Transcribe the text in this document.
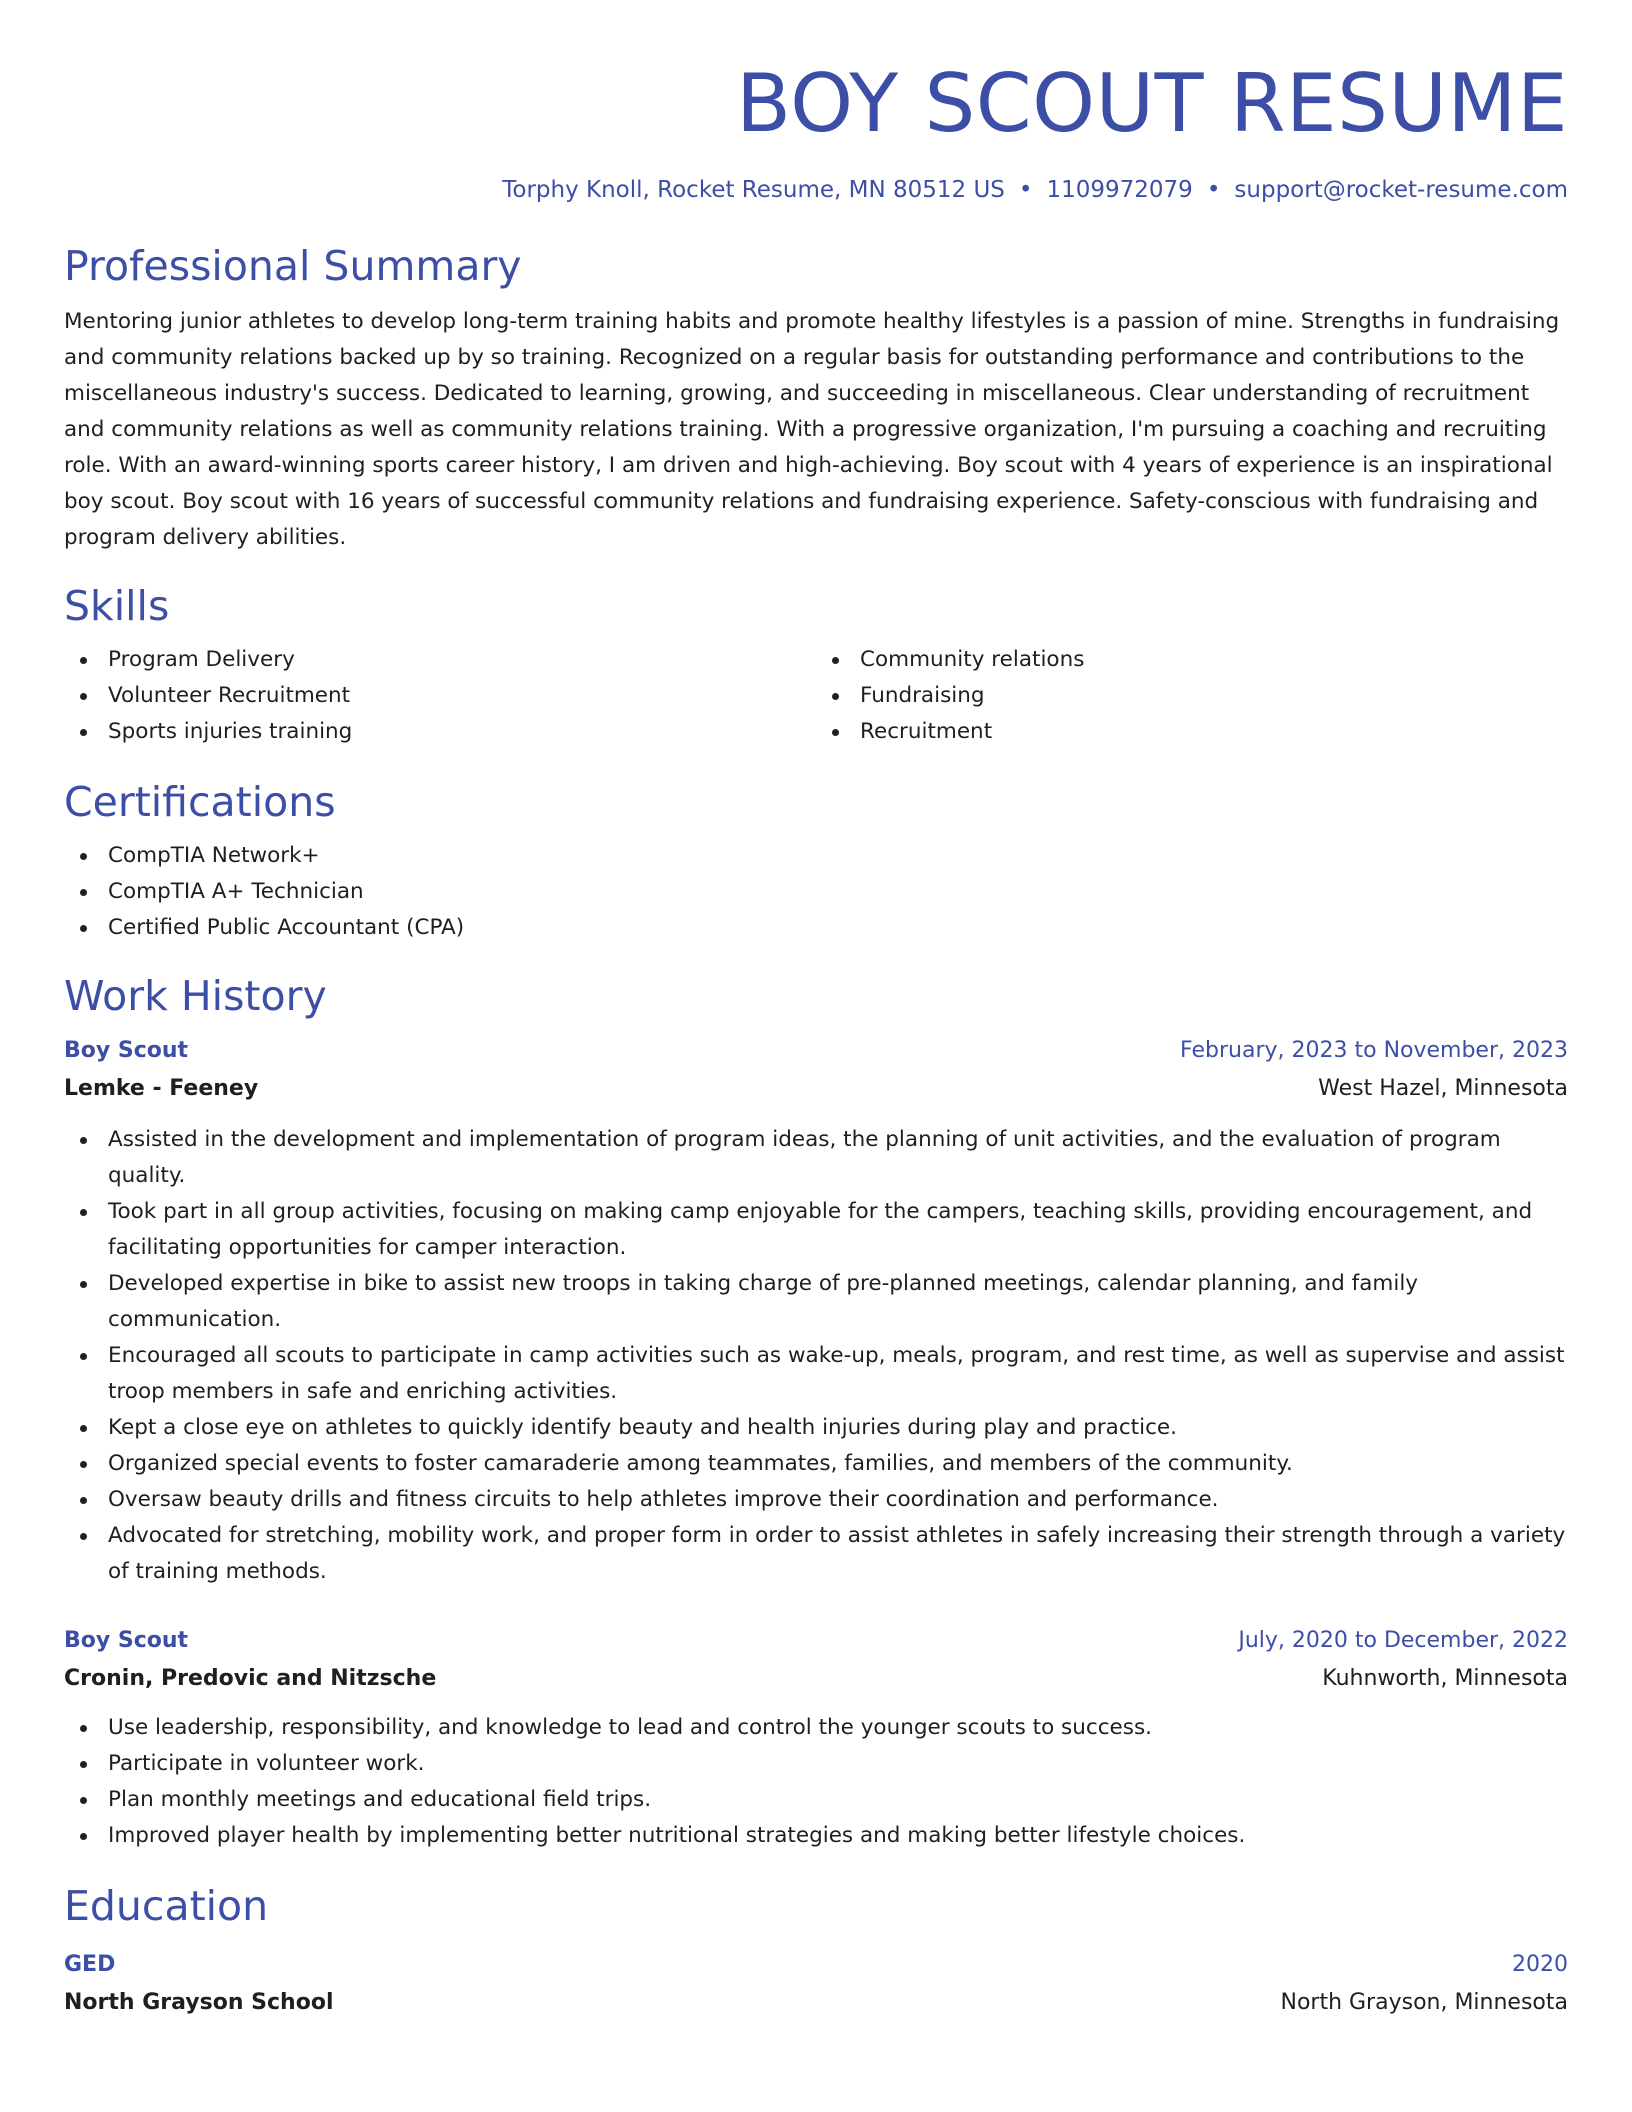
BOY SCOUT RESUME
Torphy Knoll, Rocket Resume, MN 80512 US • 1109972079 • support@rocket-resume.com
Professional Summary
Mentoring junior athletes to develop long-term training habits and promote healthy lifestyles is a passion of mine. Strengths in fundraising and community relations backed up by so training. Recognized on a regular basis for outstanding performance and contributions to the miscellaneous industry's success. Dedicated to learning, growing, and succeeding in miscellaneous. Clear understanding of recruitment and community relations as well as community relations training. With a progressive organization, I'm pursuing a coaching and recruiting role. With an award-winning sports career history, I am driven and high-achieving. Boy scout with 4 years of experience is an inspirational boy scout. Boy scout with 16 years of successful community relations and fundraising experience. Safety-conscious with fundraising and program delivery abilities.
Skills
Program Delivery
Volunteer Recruitment
Sports injuries training
Community relations
Fundraising
Recruitment
Certifications
CompTIA Network+
CompTIA A+ Technician
Certified Public Accountant (CPA)
Work History
Boy Scout	February, 2023 to November, 2023
Lemke - Feeney	West Hazel, Minnesota
Assisted in the development and implementation of program ideas, the planning of unit activities, and the evaluation of program quality.
Took part in all group activities, focusing on making camp enjoyable for the campers, teaching skills, providing encouragement, and facilitating opportunities for camper interaction.
Developed expertise in bike to assist new troops in taking charge of pre-planned meetings, calendar planning, and family communication.
Encouraged all scouts to participate in camp activities such as wake-up, meals, program, and rest time, as well as supervise and assist troop members in safe and enriching activities.
Kept a close eye on athletes to quickly identify beauty and health injuries during play and practice.
Organized special events to foster camaraderie among teammates, families, and members of the community.
Oversaw beauty drills and fitness circuits to help athletes improve their coordination and performance.
Advocated for stretching, mobility work, and proper form in order to assist athletes in safely increasing their strength through a variety of training methods.
Boy Scout	July, 2020 to December, 2022
Cronin, Predovic and Nitzsche	Kuhnworth, Minnesota
Use leadership, responsibility, and knowledge to lead and control the younger scouts to success.
Participate in volunteer work.
Plan monthly meetings and educational field trips.
Improved player health by implementing better nutritional strategies and making better lifestyle choices.
Education
GED	2020
North Grayson School	North Grayson, Minnesota
